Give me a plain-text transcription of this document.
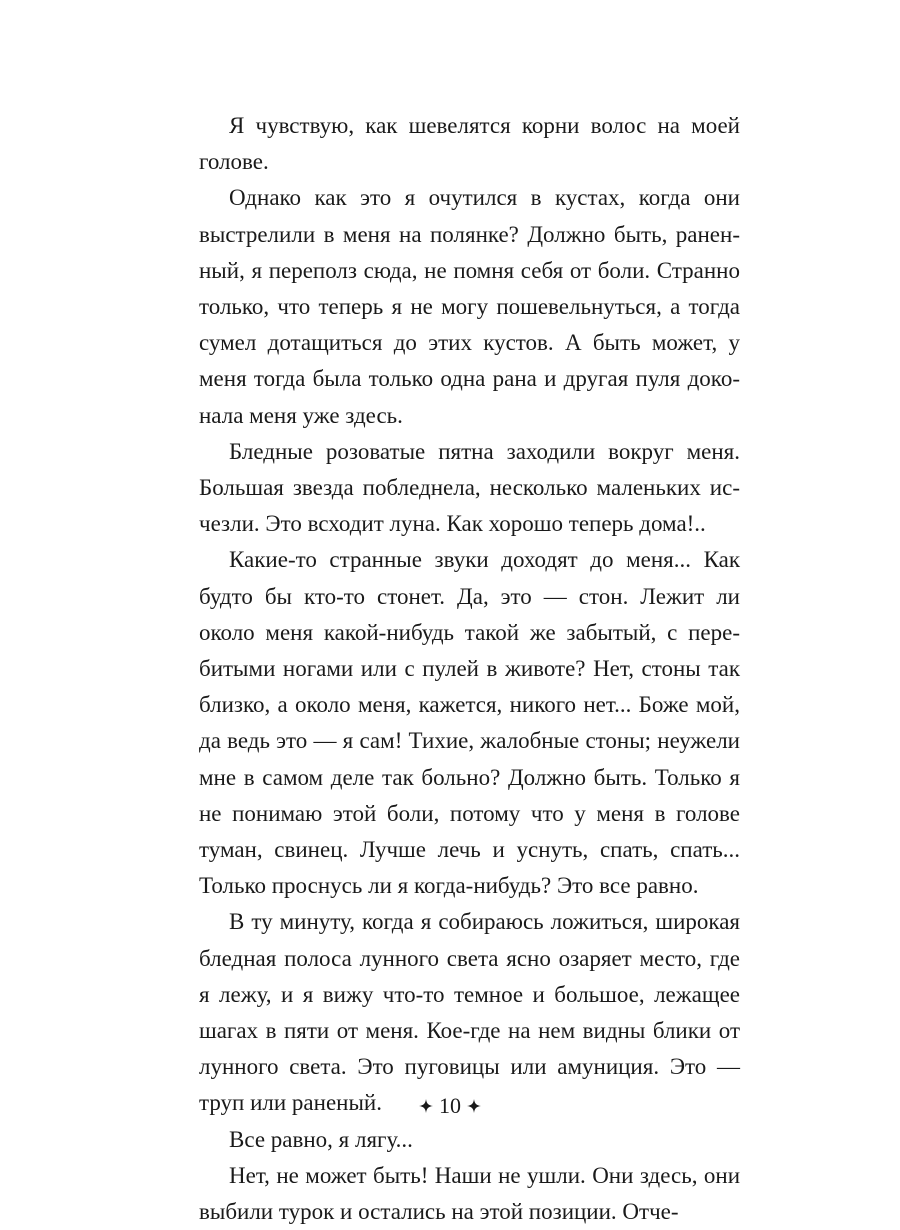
Я чувствую, как шевелятся корни волос на моей голове.

Однако как это я очутился в кустах, когда они выстрелили в меня на полянке? Должно быть, раненный, я переполз сюда, не помня себя от боли. Странно только, что теперь я не могу пошевельнуться, а тогда сумел дотащиться до этих кустов. А быть может, у меня тогда была только одна рана и другая пуля доконала меня уже здесь.

Бледные розоватые пятна заходили вокруг меня. Большая звезда побледнела, несколько маленьких исчезли. Это всходит луна. Как хорошо теперь дома!..

Какие-то странные звуки доходят до меня... Как будто бы кто-то стонет. Да, это — стон. Лежит ли около меня какой-нибудь такой же забытый, с перебитыми ногами или с пулей в животе? Нет, стоны так близко, а около меня, кажется, никого нет... Боже мой, да ведь это — я сам! Тихие, жалобные стоны; неужели мне в самом деле так больно? Должно быть. Только я не понимаю этой боли, потому что у меня в голове туман, свинец. Лучше лечь и уснуть, спать, спать... Только проснусь ли я когда-нибудь? Это все равно.

В ту минуту, когда я собираюсь ложиться, широкая бледная полоса лунного света ясно озаряет место, где я лежу, и я вижу что-то темное и большое, лежащее шагах в пяти от меня. Кое-где на нем видны блики от лунного света. Это пуговицы или амуниция. Это — труп или раненый.

Все равно, я лягу...

Нет, не может быть! Наши не ушли. Они здесь, они выбили турок и остались на этой позиции. Отче-

10
